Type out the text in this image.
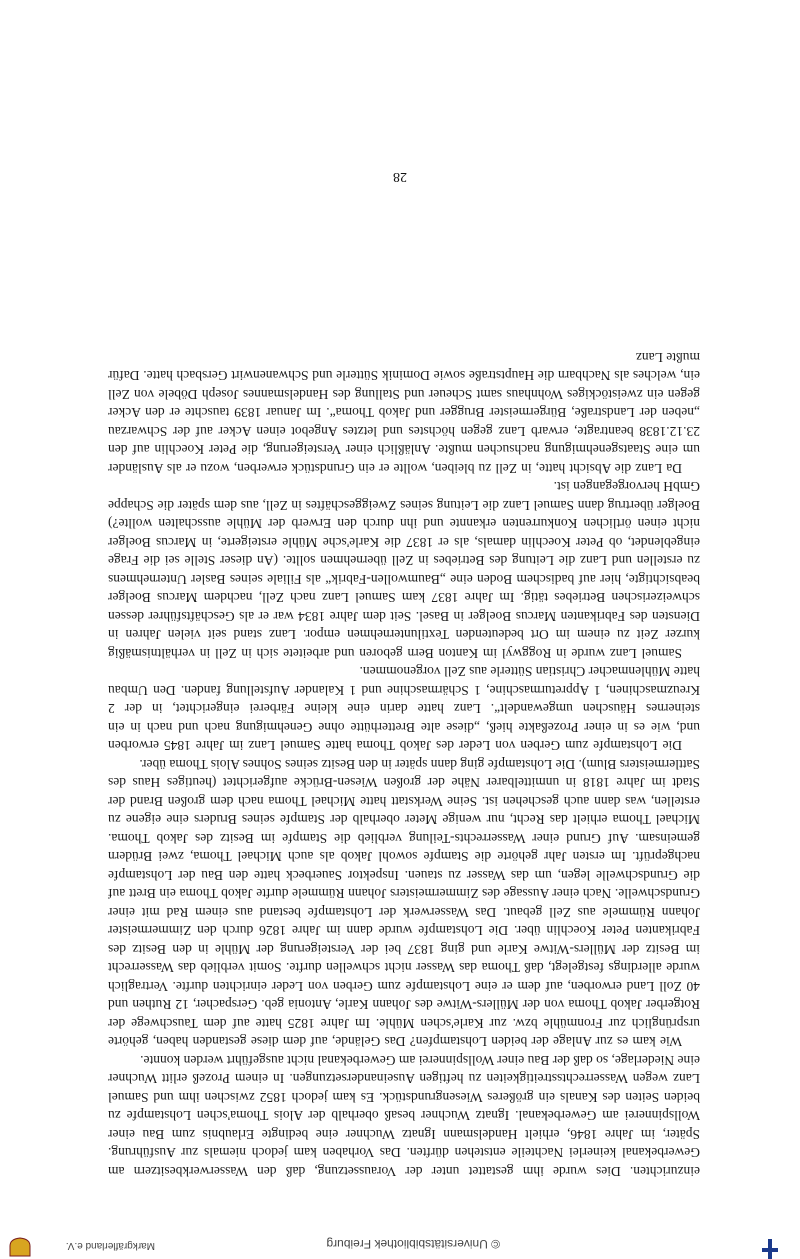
einzurichten. Dies wurde ihm gestattet unter der Voraussetzung, daß den Wasserwerkbesitzern am Gewerbekanal keinerlei Nachteile entstehen dürften. Das Vorhaben kam jedoch niemals zur Ausführung. Später, im Jahre 1846, erhielt Handelsmann Ignatz Wuchner eine bedingte Erlaubnis zum Bau einer Wollspinnerei am Gewerbekanal. Ignatz Wuchner besaß oberhalb der Alois Thoma'schen Lohstampfe zu beiden Seiten des Kanals ein größeres Wiesengrundstück. Es kam jedoch 1852 zwischen ihm und Samuel Lanz wegen Wasserrechtsstreitigkeiten zu heftigen Auseinandersetzungen. In einem Prozeß erlitt Wuchner eine Niederlage, so daß der Bau einer Wollspinnerei am Gewerbekanal nicht ausgeführt werden konnte.

Wie kam es zur Anlage der beiden Lohstampfen? Das Gelände, auf dem diese gestanden haben, gehörte ursprünglich zur Fronmühle bzw. zur Karle'schen Mühle. Im Jahre 1825 hatte auf dem Tauschwege der Rotgerber Jakob Thoma von der Müllers-Witwe des Johann Karle, Antonia geb. Gerspacher, 12 Ruthen und 40 Zoll Land erworben, auf dem er eine Lohstampfe zum Gerben von Leder einrichten durfte. Vertraglich wurde allerdings festgelegt, daß Thoma das Wasser nicht schwellen durfte. Somit verblieb das Wasserrecht im Besitz der Müllers-Witwe Karle und ging 1837 bei der Versteigerung der Mühle in den Besitz des Fabrikanten Peter Koechlin über. Die Lohstampfe wurde dann im Jahre 1826 durch den Zimmermeister Johann Rümmele aus Zell gebaut. Das Wasserwerk der Lohstampfe bestand aus einem Rad mit einer Grundschwelle. Nach einer Aussage des Zimmermeisters Johann Rümmele durfte Jakob Thoma ein Brett auf die Grundschwelle legen, um das Wasser zu stauen. Inspektor Sauerbeck hatte den Bau der Lohstampfe nachgeprüft. Im ersten Jahr gehörte die Stampfe sowohl Jakob als auch Michael Thoma, zwei Brüdern gemeinsam. Auf Grund einer Wasserrechts-Teilung verblieb die Stampfe im Besitz des Jakob Thoma. Michael Thoma erhielt das Recht, nur wenige Meter oberhalb der Stampfe seines Bruders eine eigene zu erstellen, was dann auch geschehen ist. Seine Werkstatt hatte Michael Thoma nach dem großen Brand der Stadt im Jahre 1818 in unmittelbarer Nähe der großen Wiesen-Brücke aufgerichtet (heutiges Haus des Sattlermeisters Blum). Die Lohstampfe ging dann später in den Besitz seines Sohnes Alois Thoma über.

Die Lohstampfe zum Gerben von Leder des Jakob Thoma hatte Samuel Lanz im Jahre 1845 erworben und, wie es in einer Prozeßakte hieß, „diese alte Bretterhütte ohne Genehmigung nach und nach in ein steinernes Häuschen umgewandelt“. Lanz hatte darin eine kleine Färberei eingerichtet, in der 2 Kreuzmaschinen, 1 Appreturmaschine, 1 Schärmaschine und 1 Kalander Aufstellung fanden. Den Umbau hatte Mühlenmacher Christian Sütterle aus Zell vorgenommen.

Samuel Lanz wurde in Roggwyl im Kanton Bern geboren und arbeitete sich in Zell in verhältnismäßig kurzer Zeit zu einem im Ort bedeutenden Textilunternehmen empor. Lanz stand seit vielen Jahren in Diensten des Fabrikanten Marcus Boelger in Basel. Seit dem Jahre 1834 war er als Geschäftsführer dessen schweizerischen Betriebes tätig. Im Jahre 1837 kam Samuel Lanz nach Zell, nachdem Marcus Boelger beabsichtigte, hier auf badischem Boden eine „Baumwollen-Fabrik“ als Filiale seines Basler Unternehmens zu erstellen und Lanz die Leitung des Betriebes in Zell übernehmen sollte. (An dieser Stelle sei die Frage eingeblendet, ob Peter Koechlin damals, als er 1837 die Karle'sche Mühle ersteigerte, in Marcus Boelger nicht einen örtlichen Konkurrenten erkannte und ihn durch den Erwerb der Mühle ausschalten wollte?) Boelger übertrug dann Samuel Lanz die Leitung seines Zweiggeschäftes in Zell, aus dem später die Schappe GmbH hervorgegangen ist.

Da Lanz die Absicht hatte, in Zell zu bleiben, wollte er ein Grundstück erwerben, wozu er als Ausländer um eine Staatsgenehmigung nachsuchen mußte. Anläßlich einer Versteigerung, die Peter Koechlin auf den 23.12.1838 beantragte, erwarb Lanz gegen höchstes und letztes Angebot einen Acker auf der Schwarzau „neben der Landstraße, Bürgermeister Brugger und Jakob Thoma“. Im Januar 1839 tauschte er den Acker gegen ein zweistöckiges Wohnhaus samt Scheuer und Stallung des Handelsmannes Joseph Döbele von Zell ein, welches als Nachbarn die Hauptstraße sowie Dominik Sütterle und Schwanenwirt Gersbach hatte. Dafür mußte Lanz

28
© Universitätsbibliothek Freiburg
Markgräflerland e.V.
